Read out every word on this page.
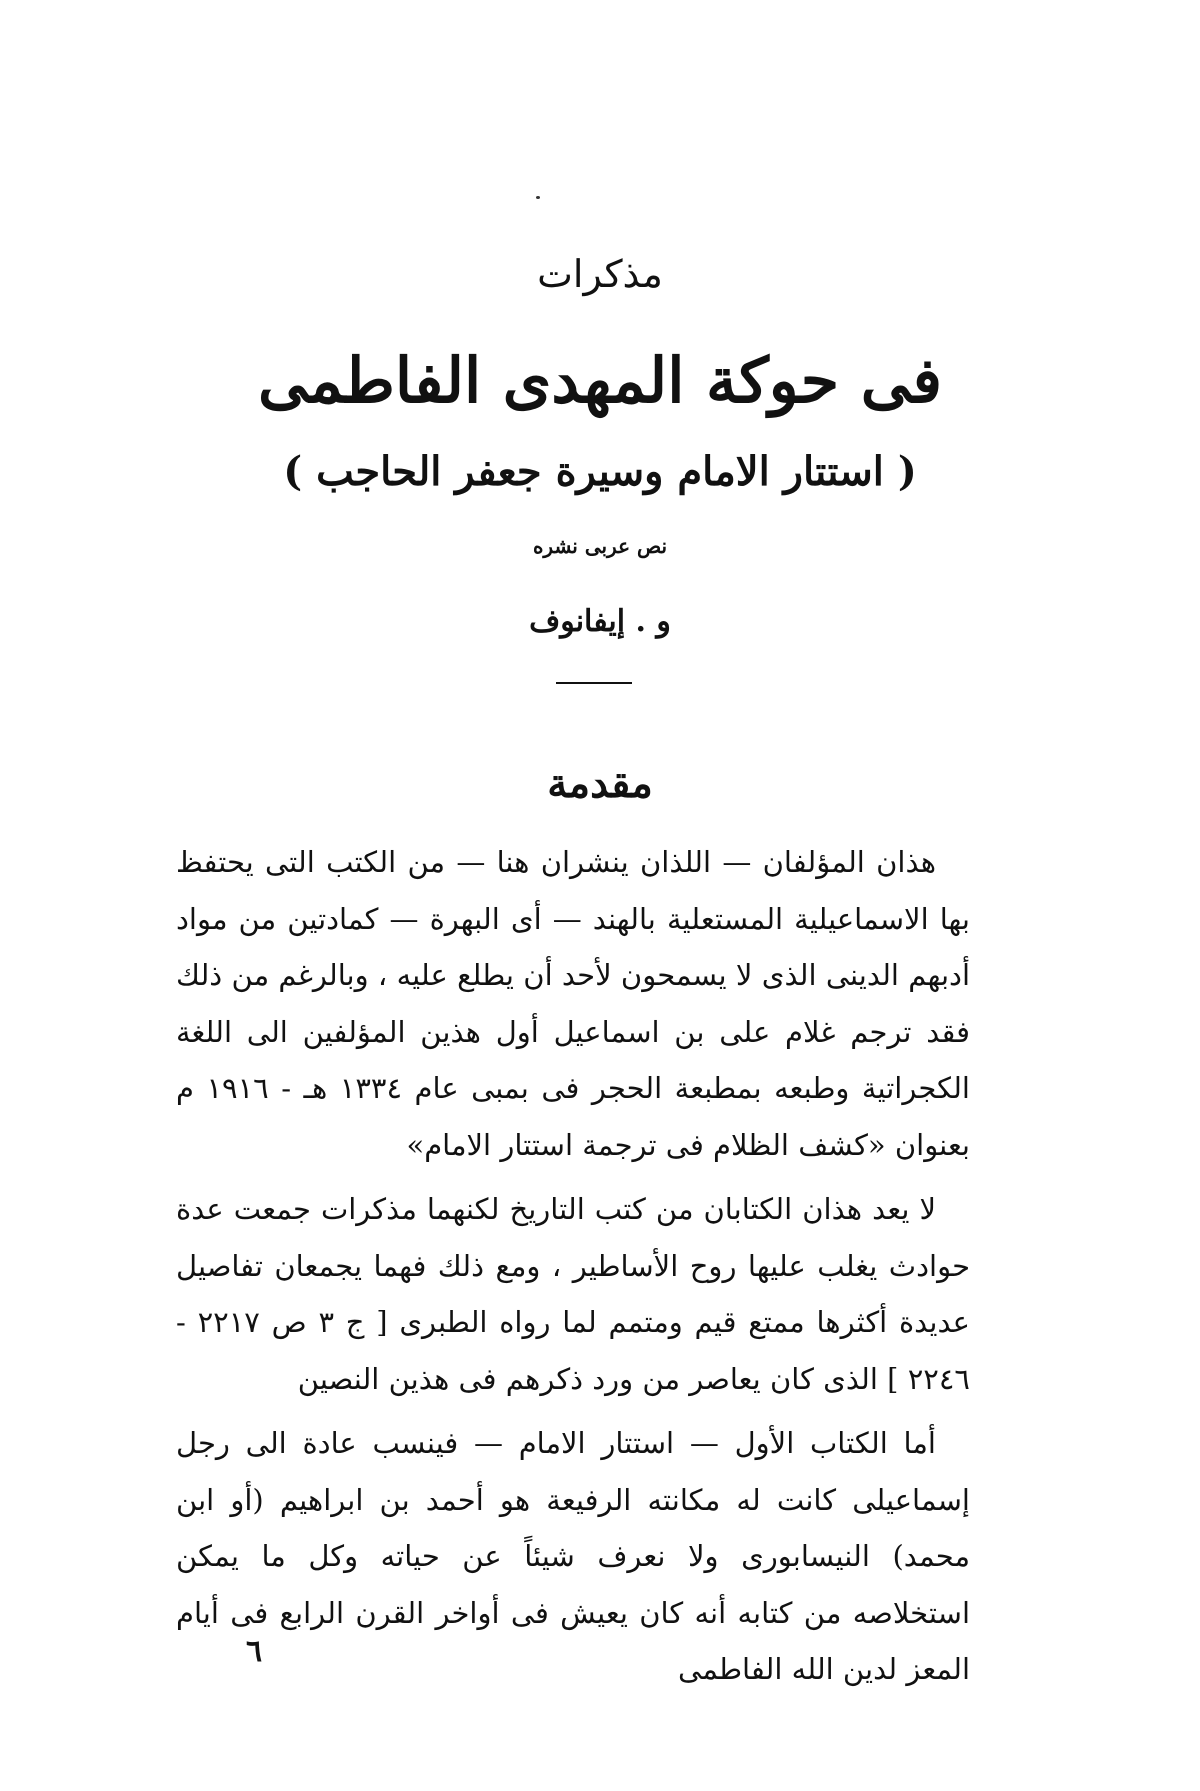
مذكرات
فى حوكة المهدى الفاطمى
( استتار الامام وسيرة جعفر الحاجب )
نص عربى نشره
و . إيفانوف
مقدمة

هذان المؤلفان — اللذان ينشران هنا — من الكتب التى يحتفظ بها الاسماعيلية المستعلية بالهند — أى البهرة — كمادتين من مواد أدبهم الدينى الذى لا يسمحون لأحد أن يطلع عليه ، وبالرغم من ذلك فقد ترجم غلام على بن اسماعيل أول هذين المؤلفين الى اللغة الكجراتية وطبعه بمطبعة الحجر فى بمبى عام ١٣٣٤ هـ - ١٩١٦ م بعنوان «كشف الظلام فى ترجمة استتار الامام»

لا يعد هذان الكتابان من كتب التاريخ لكنهما مذكرات جمعت عدة حوادث يغلب عليها روح الأساطير ، ومع ذلك فهما يجمعان تفاصيل عديدة أكثرها ممتع قيم ومتمم لما رواه الطبرى [ ج ٣ ص ٢٢١٧ - ٢٢٤٦ ] الذى كان يعاصر من ورد ذكرهم فى هذين النصين

أما الكتاب الأول — استتار الامام — فينسب عادة الى رجل إسماعيلى كانت له مكانته الرفيعة هو أحمد بن ابراهيم (أو ابن محمد) النيسابورى ولا نعرف شيئاً عن حياته وكل ما يمكن استخلاصه من كتابه أنه كان يعيش فى أواخر القرن الرابع فى أيام المعز لدين الله الفاطمى

٦
